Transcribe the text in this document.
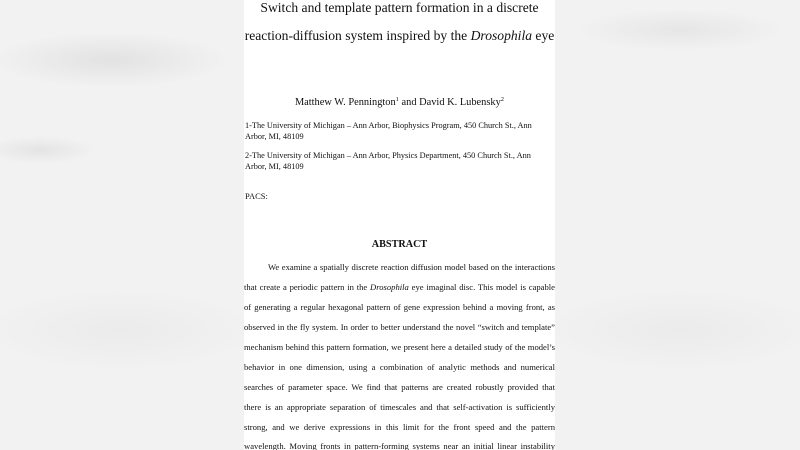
Switch and template pattern formation in a discrete
reaction-diffusion system inspired by the Drosophila eye
Matthew W. Pennington$^1$ and David K. Lubensky$^2$
1-The University of Michigan – Ann Arbor, Biophysics Program, 450 Church St., Ann Arbor, MI, 48109
2-The University of Michigan – Ann Arbor, Physics Department, 450 Church St., Ann Arbor, MI, 48109
PACS:
ABSTRACT
We examine a spatially discrete reaction diffusion model based on the interactions
that create a periodic pattern in the Drosophila eye imaginal disc. This model is capable
of generating a regular hexagonal pattern of gene expression behind a moving front, as
observed in the fly system. In order to better understand the novel “switch and template”
mechanism behind this pattern formation, we present here a detailed study of the model’s
behavior in one dimension, using a combination of analytic methods and numerical
searches of parameter space. We find that patterns are created robustly provided that
there is an appropriate separation of timescales and that self-activation is sufficiently
strong, and we derive expressions in this limit for the front speed and the pattern
wavelength. Moving fronts in pattern-forming systems near an initial linear instability
